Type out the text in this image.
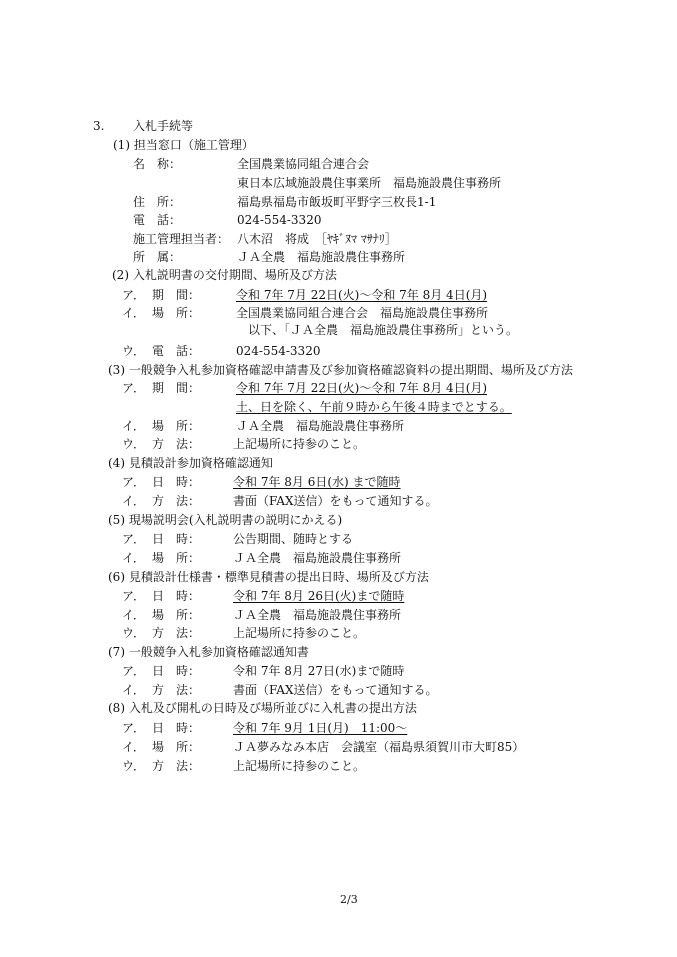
3. 入札手続等
(1) 担当窓口（施工管理）
名　称：	全国農業協同組合連合会
東日本広域施設農住事業所　福島施設農住事務所
住　所：	福島県福島市飯坂町平野字三枚長1-1
電　話：	024-554-3320
施工管理担当者： 八木沼　将成　［ﾔｷﾞﾇﾏ ﾏｻﾅﾘ］
所　属：	ＪＡ全農　福島施設農住事務所
(2) 入札説明書の交付期間、場所及び方法
ア． 期　間：	令和 7年 7月 22日(火)～令和 7年 8月 4日(月)
イ． 場　所：	全国農業協同組合連合会　福島施設農住事務所
以下、「ＪＡ全農　福島施設農住事務所」という。
ウ． 電　話：	024-554-3320
(3) 一般競争入札参加資格確認申請書及び参加資格確認資料の提出期間、場所及び方法
ア． 期　間：	令和 7年 7月 22日(火)～令和 7年 8月 4日(月)
土、日を除く、午前９時から午後４時までとする。
イ． 場　所：	ＪＡ全農　福島施設農住事務所
ウ． 方　法：	上記場所に持参のこと。
(4) 見積設計参加資格確認通知
ア． 日　時：	令和 7年 8月 6日(水) まで随時
イ． 方　法：	書面（FAX送信）をもって通知する。
(5) 現場説明会(入札説明書の説明にかえる)
ア． 日　時：	公告期間、随時とする
イ． 場　所：	ＪＡ全農　福島施設農住事務所
(6) 見積設計仕様書・標準見積書の提出日時、場所及び方法
ア． 日　時：	令和 7年 8月 26日(火)まで随時
イ． 場　所：	ＪＡ全農　福島施設農住事務所
ウ． 方　法：	上記場所に持参のこと。
(7) 一般競争入札参加資格確認通知書
ア． 日　時：	令和 7年 8月 27日(水)まで随時
イ． 方　法：	書面（FAX送信）をもって通知する。
(8) 入札及び開札の日時及び場所並びに入札書の提出方法
ア． 日　時：	令和 7年 9月 1日(月)　11:00～
イ． 場　所：	ＪＡ夢みなみ本店　会議室（福島県須賀川市大町85）
ウ． 方　法：	上記場所に持参のこと。
2/3
